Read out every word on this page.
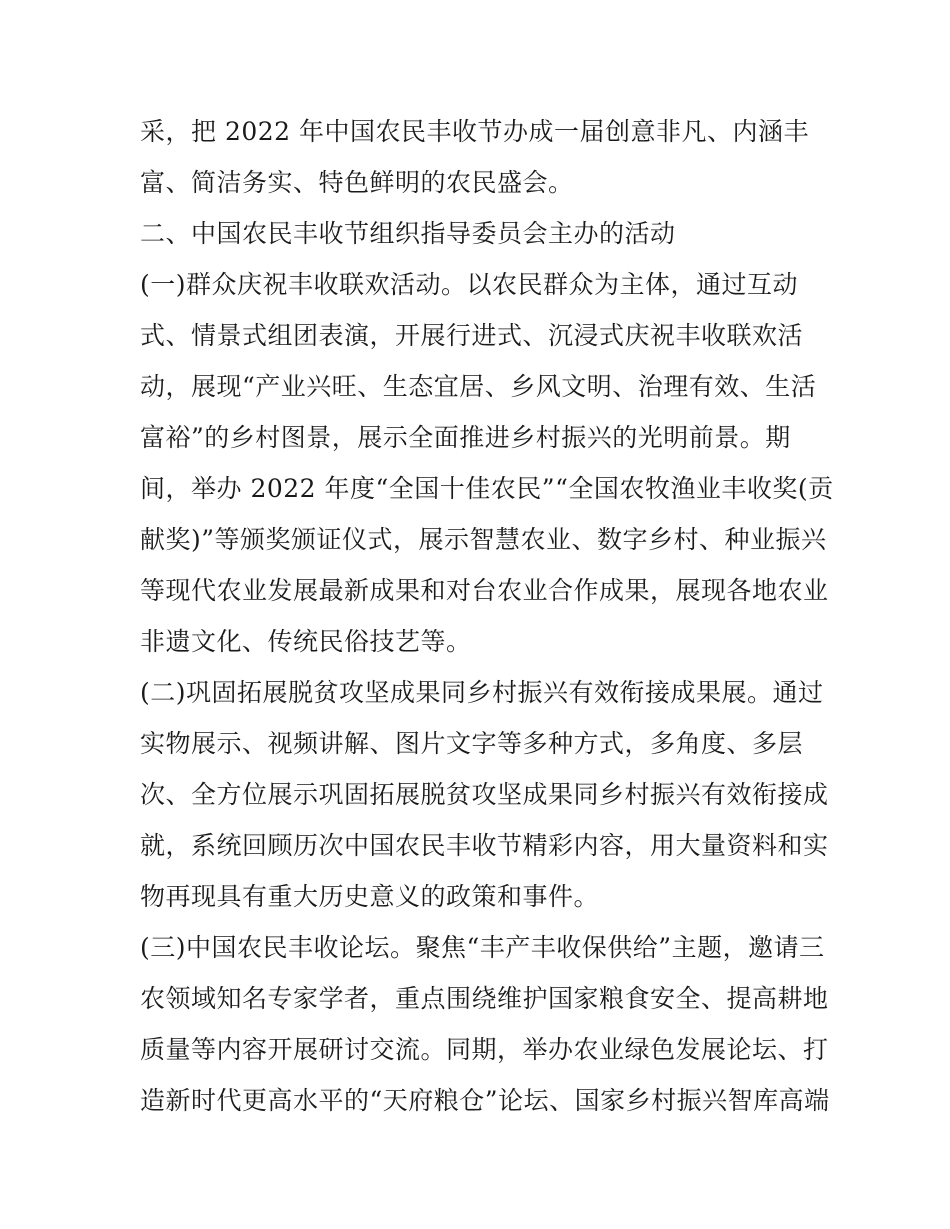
采，把 2022 年中国农民丰收节办成一届创意非凡、内涵丰
富、简洁务实、特色鲜明的农民盛会。
二、中国农民丰收节组织指导委员会主办的活动
(一)群众庆祝丰收联欢活动。以农民群众为主体，通过互动
式、情景式组团表演，开展行进式、沉浸式庆祝丰收联欢活
动，展现“产业兴旺、生态宜居、乡风文明、治理有效、生活
富裕”的乡村图景，展示全面推进乡村振兴的光明前景。期
间，举办 2022 年度“全国十佳农民”“全国农牧渔业丰收奖(贡
献奖)”等颁奖颁证仪式，展示智慧农业、数字乡村、种业振兴
等现代农业发展最新成果和对台农业合作成果，展现各地农业
非遗文化、传统民俗技艺等。
(二)巩固拓展脱贫攻坚成果同乡村振兴有效衔接成果展。通过
实物展示、视频讲解、图片文字等多种方式，多角度、多层
次、全方位展示巩固拓展脱贫攻坚成果同乡村振兴有效衔接成
就，系统回顾历次中国农民丰收节精彩内容，用大量资料和实
物再现具有重大历史意义的政策和事件。
(三)中国农民丰收论坛。聚焦“丰产丰收保供给”主题，邀请三
农领域知名专家学者，重点围绕维护国家粮食安全、提高耕地
质量等内容开展研讨交流。同期，举办农业绿色发展论坛、打
造新时代更高水平的“天府粮仓”论坛、国家乡村振兴智库高端
